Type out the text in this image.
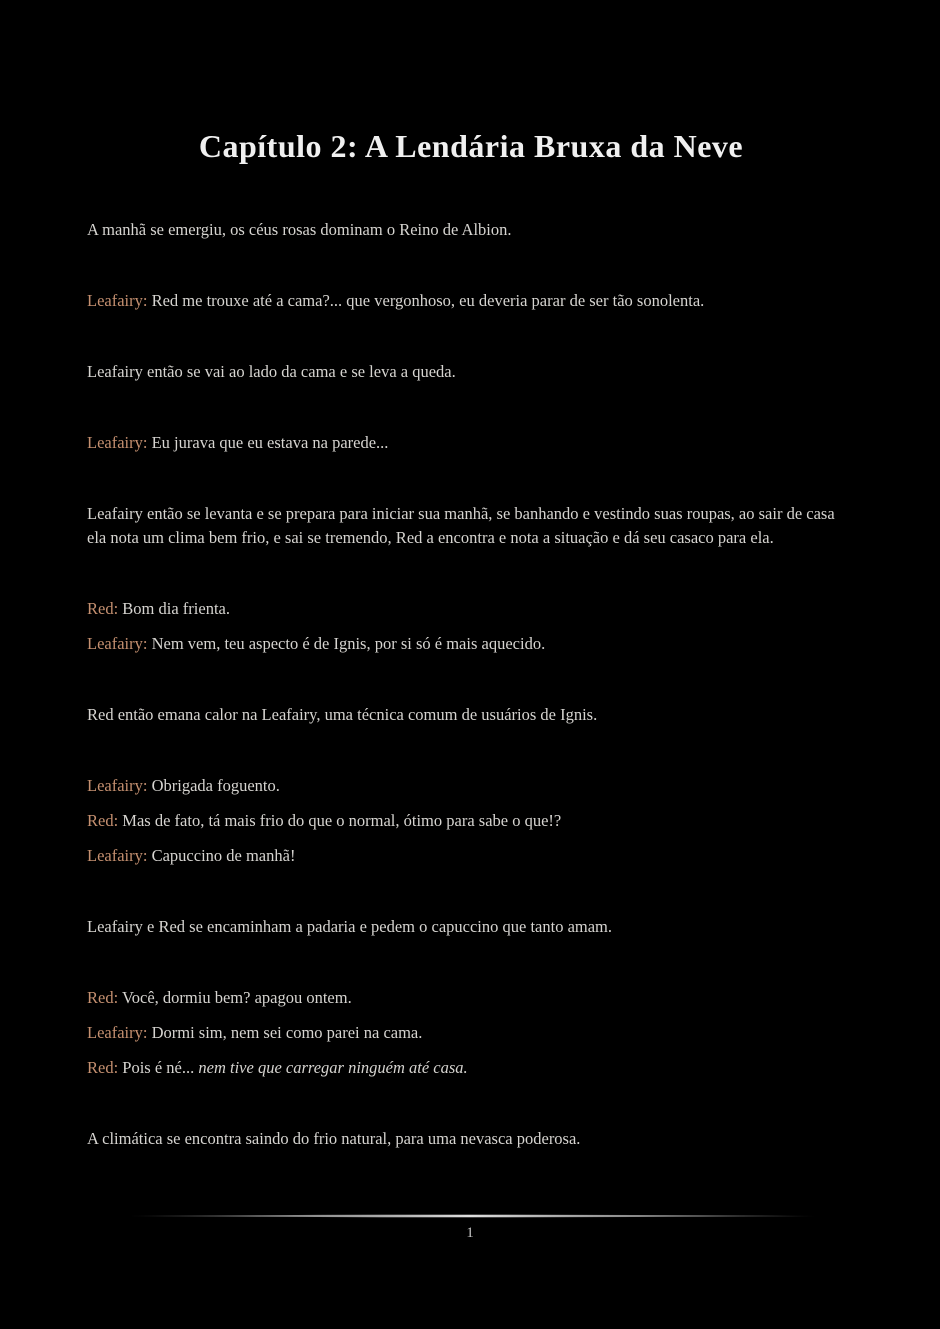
Capítulo 2: A Lendária Bruxa da Neve

A manhã se emergiu, os céus rosas dominam o Reino de Albion.

Leafairy: Red me trouxe até a cama?... que vergonhoso, eu deveria parar de ser tão sonolenta.

Leafairy então se vai ao lado da cama e se leva a queda.

Leafairy: Eu jurava que eu estava na parede...

Leafairy então se levanta e se prepara para iniciar sua manhã, se banhando e vestindo suas roupas, ao sair de casa ela nota um clima bem frio, e sai se tremendo, Red a encontra e nota a situação e dá seu casaco para ela.

Red: Bom dia frienta.

Leafairy: Nem vem, teu aspecto é de Ignis, por si só é mais aquecido.

Red então emana calor na Leafairy, uma técnica comum de usuários de Ignis.

Leafairy: Obrigada foguento.

Red: Mas de fato, tá mais frio do que o normal, ótimo para sabe o que!?

Leafairy: Capuccino de manhã!

Leafairy e Red se encaminham a padaria e pedem o capuccino que tanto amam.

Red: Você, dormiu bem? apagou ontem.

Leafairy: Dormi sim, nem sei como parei na cama.

Red: Pois é né... nem tive que carregar ninguém até casa.

A climática se encontra saindo do frio natural, para uma nevasca poderosa.

1
